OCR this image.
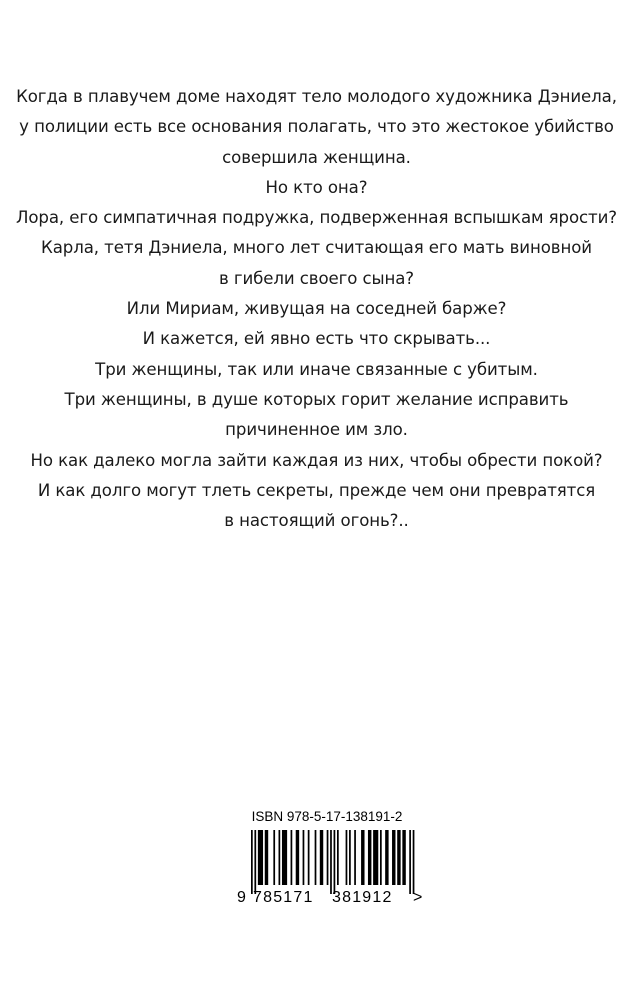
Когда в плавучем доме находят тело молодого художника Дэниела,

у полиции есть все основания полагать, что это жестокое убийство

совершила женщина.

Но кто она?

Лора, его симпатичная подружка, подверженная вспышкам ярости?

Карла, тетя Дэниела, много лет считающая его мать виновной

в гибели своего сына?

Или Мириам, живущая на соседней барже?

И кажется, ей явно есть что скрывать...

Три женщины, так или иначе связанные с убитым.

Три женщины, в душе которых горит желание исправить

причиненное им зло.

Но как далеко могла зайти каждая из них, чтобы обрести покой?

И как долго могут тлеть секреты, прежде чем они превратятся

в настоящий огонь?..

ISBN 978-5-17-138191-2
9 785171 381912 >
